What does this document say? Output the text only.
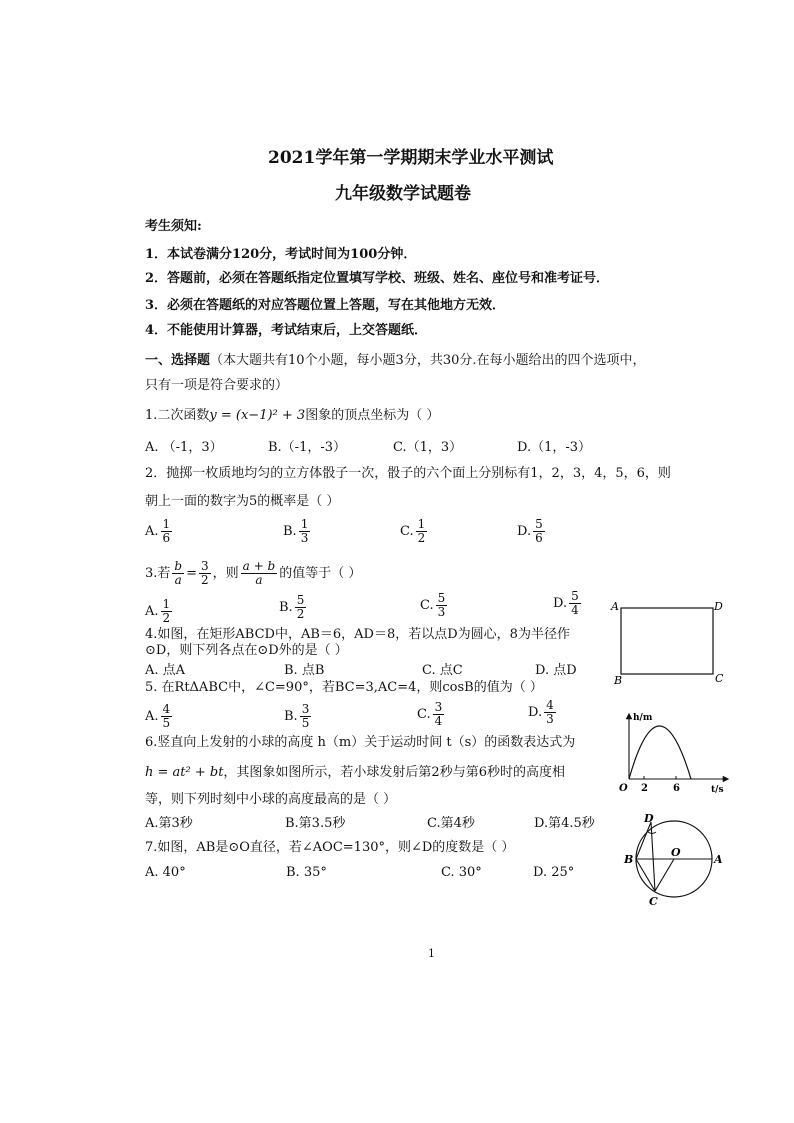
2021学年第一学期期末学业水平测试
九年级数学试题卷
考生须知:
1．本试卷满分120分，考试时间为100分钟．
2．答题前，必须在答题纸指定位置填写学校、班级、姓名、座位号和准考证号．
3．必须在答题纸的对应答题位置上答题，写在其他地方无效．
4．不能使用计算器，考试结束后，上交答题纸．
一、选择题（本大题共有10个小题，每小题3分，共30分.在每小题给出的四个选项中，
只有一项是符合要求的）
1.二次函数y = (x−1)² + 3图象的顶点坐标为（ ）
A. （-1，3）	B.（-1，-3）	C.（1，3）	D.（1，-3）
2．抛掷一枚质地均匀的立方体骰子一次，骰子的六个面上分别标有1，2，3，4，5，6，则
朝上一面的数字为5的概率是（ ）
A. $\frac{1}{6}$	B. $\frac{1}{3}$	C. $\frac{1}{2}$	D. $\frac{5}{6}$
3.若 $\frac{b}{a} = \frac{3}{2}$ ，则 $\frac{a + b}{a}$ 的值等于（ ）
A. $\frac{1}{2}$	B. $\frac{5}{2}$	C. $\frac{5}{3}$	D. $\frac{5}{4}$
4.如图，在矩形ABCD中，AB＝6，AD＝8，若以点D为圆心，8为半径作
⊙D，则下列各点在⊙D外的是（ ）
A. 点A	B. 点B	C. 点C	D. 点D
A	D
B	C
5. 在RtΔABC中，∠C=90°，若BC=3,AC=4，则cosB的值为（ ）
A. $\frac{4}{5}$	B. $\frac{3}{5}$	C. $\frac{3}{4}$	D. $\frac{4}{3}$
6.竖直向上发射的小球的高度 h（m）关于运动时间 t（s）的函数表达式为
h = at² + bt，其图象如图所示，若小球发射后第2秒与第6秒时的高度相
等，则下列时刻中小球的高度最高的是（ ）
A.第3秒	B.第3.5秒	C.第4秒	D.第4.5秒
h/m
t/s
O 2	6
7.如图，AB是⊙O直径，若∠AOC=130°，则∠D的度数是（ ）
A. 40°	B. 35°	C. 30°	D. 25°
D
O
B	A
C
1
